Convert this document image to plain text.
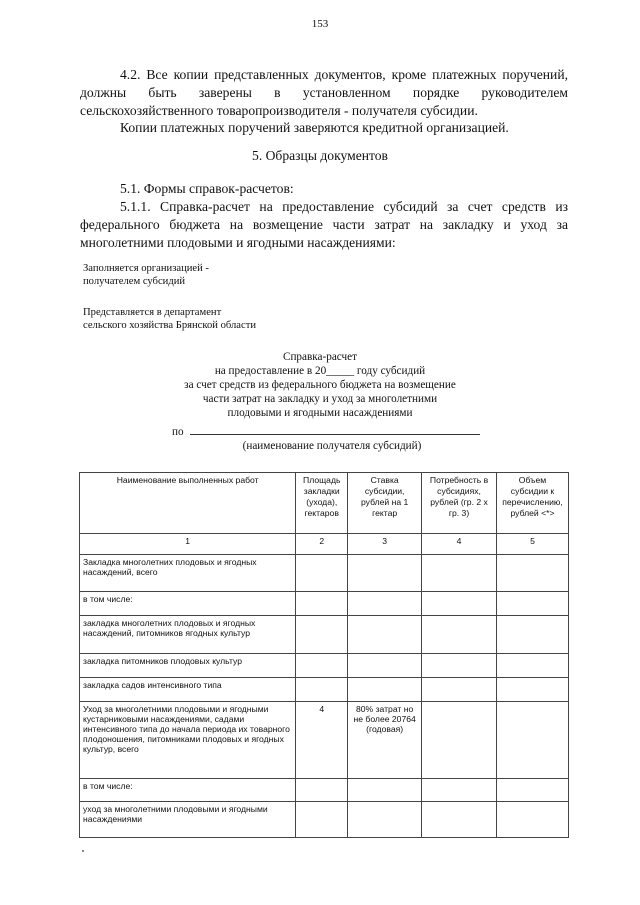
153
4.2. Все копии представленных документов, кроме платежных поручений, должны быть заверены в установленном порядке руководителем сельскохозяйственного товаропроизводителя - получателя субсидии.
Копии платежных поручений заверяются кредитной организацией.
5. Образцы документов
5.1. Формы справок-расчетов:
5.1.1. Справка-расчет на предоставление субсидий за счет средств из федерального бюджета на возмещение части затрат на закладку и уход за многолетними плодовыми и ягодными насаждениями:
Заполняется организацией -
получателем субсидий
Представляется в департамент
сельского хозяйства Брянской области
Справка-расчет
на предоставление в 20_____ году субсидий
за счет средств из федерального бюджета на возмещение
части затрат на закладку и уход за многолетними
плодовыми и ягодными насаждениями
по
(наименование получателя субсидий)
Наименование выполненных работ	Площадь закладки (ухода), гектаров	Ставка субсидии, рублей на 1 гектар	Потребность в субсидиях, рублей (гр. 2 х гр. 3)	Объем субсидии к перечислению, рублей <*>
1	2	3	4	5
Закладка многолетних плодовых и ягодных насаждений, всего				
в том числе:				
закладка многолетних плодовых и ягодных насаждений, питомников ягодных культур				
закладка питомников плодовых культур				
закладка садов интенсивного типа				
Уход за многолетними плодовыми и ягодными кустарниковыми насаждениями, садами интенсивного типа до начала периода их товарного плодоношения, питомниками плодовых и ягодных культур, всего	4	80% затрат но не более 20764 (годовая)		
в том числе:				
уход за многолетними плодовыми и ягодными насаждениями				
